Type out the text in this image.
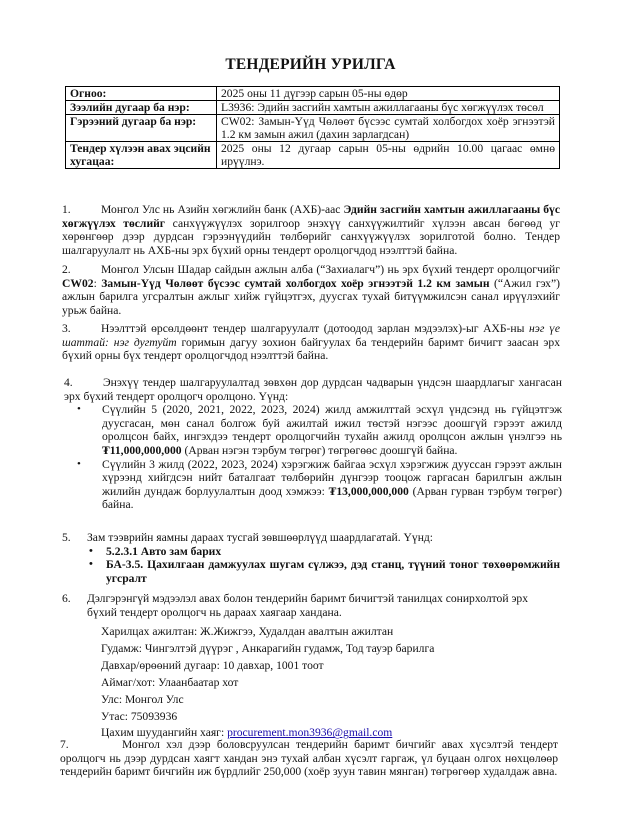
ТЕНДЕРИЙН УРИЛГА
Огноо:	2025 оны 11 дүгээр сарын 05-ны өдөр
Зээлийн дугаар ба нэр:	L3936: Эдийн засгийн хамтын ажиллагааны бүс хөгжүүлэх төсөл
Гэрээний дугаар ба нэр:	CW02: Замын-Үүд Чөлөөт бүсээс сумтай холбогдох хоёр эгнээтэй 1.2 км замын ажил (дахин зарлагдсан)
Тендер хүлээн авах эцсийн хугацаа:	2025 оны 12 дугаар сарын 05-ны өдрийн 10.00 цагаас өмнө ирүүлнэ.
1.	Монгол Улс нь Азийн хөгжлийн банк (АХБ)-аас Эдийн засгийн хамтын ажиллагааны бүс хөгжүүлэх төслийг санхүүжүүлэх зорилгоор энэхүү санхүүжилтийг хүлээн авсан бөгөөд уг хөрөнгөөр дээр дурдсан гэрээнүүдийн төлбөрийг санхүүжүүлэх зорилготой болно. Тендер шалгаруулалт нь АХБ-ны эрх бүхий орны тендерт оролцогчдод нээлттэй байна.
2.	Монгол Улсын Шадар сайдын ажлын алба (“Захиалагч”) нь эрх бүхий тендерт оролцогчийг CW02: Замын-Үүд Чөлөөт бүсээс сумтай холбогдох хоёр эгнээтэй 1.2 км замын (“Ажил гэх”) ажлын барилга угсралтын ажлыг хийж гүйцэтгэх, дуусгах тухай битүүмжилсэн санал ирүүлэхийг урьж байна.
3.	Нээлттэй өрсөлдөөнт тендер шалгаруулалт (дотоодод зарлан мэдээлэх)-ыг АХБ-ны нэг үе шаттай: нэг дугтуйт горимын дагуу зохион байгуулах ба тендерийн баримт бичигт заасан эрх бүхий орны бүх тендерт оролцогчдод нээлттэй байна.
4.	Энэхүү тендер шалгаруулалтад зөвхөн дор дурдсан чадварын үндсэн шаардлагыг хангасан эрх бүхий тендерт оролцогч оролцоно. Үүнд:
• Сүүлийн 5 (2020, 2021, 2022, 2023, 2024) жилд амжилттай эсхүл үндсэнд нь гүйцэтгэж дуусгасан, мөн санал болгож буй ажилтай ижил төстэй нэгээс доошгүй гэрээт ажилд оролцсон байх, ингэхдээ тендерт оролцогчийн тухайн ажилд оролцсон ажлын үнэлгээ нь ₮11,000,000,000 (Арван нэгэн тэрбум төгрөг) төгрөгөөс доошгүй байна.
• Сүүлийн 3 жилд (2022, 2023, 2024) хэрэгжиж байгаа эсхүл хэрэгжиж дууссан гэрээт ажлын хүрээнд хийгдсэн нийт баталгаат төлбөрийн дүнгээр тооцож гаргасан барилгын ажлын жилийн дундаж борлуулалтын доод хэмжээ: ₮13,000,000,000 (Арван гурван тэрбум төгрөг) байна.
5. Зам тээврийн яамны дараах тусгай зөвшөөрлүүд шаардлагатай. Үүнд:
• 5.2.3.1 Авто зам барих
• БА-3.5. Цахилгаан дамжуулах шугам сүлжээ, дэд станц, түүний тоног төхөөрөмжийн угсралт
6. Дэлгэрэнгүй мэдээлэл авах болон тендерийн баримт бичигтэй танилцах сонирхолтой эрх бүхий тендерт оролцогч нь дараах хаягаар хандана.
Харилцах ажилтан: Ж.Жижгээ, Худалдан авалтын ажилтан
Гудамж: Чингэлтэй дүүрэг , Анкарагийн гудамж, Тод тауэр барилга
Давхар/өрөөний дугаар: 10 давхар, 1001 тоот
Аймаг/хот: Улаанбаатар хот
Улс: Монгол Улс
Утас: 75093936
Цахим шуудангийн хаяг: procurement.mon3936@gmail.com
7.	Монгол хэл дээр боловсруулсан тендерийн баримт бичгийг авах хүсэлтэй тендерт оролцогч нь дээр дурдсан хаягт хандан энэ тухай албан хүсэлт гаргаж, үл буцаан олгох нөхцөлөөр тендерийн баримт бичгийн иж бүрдлийг 250,000 (хоёр зуун тавин мянган) төгрөгөөр худалдаж авна.
